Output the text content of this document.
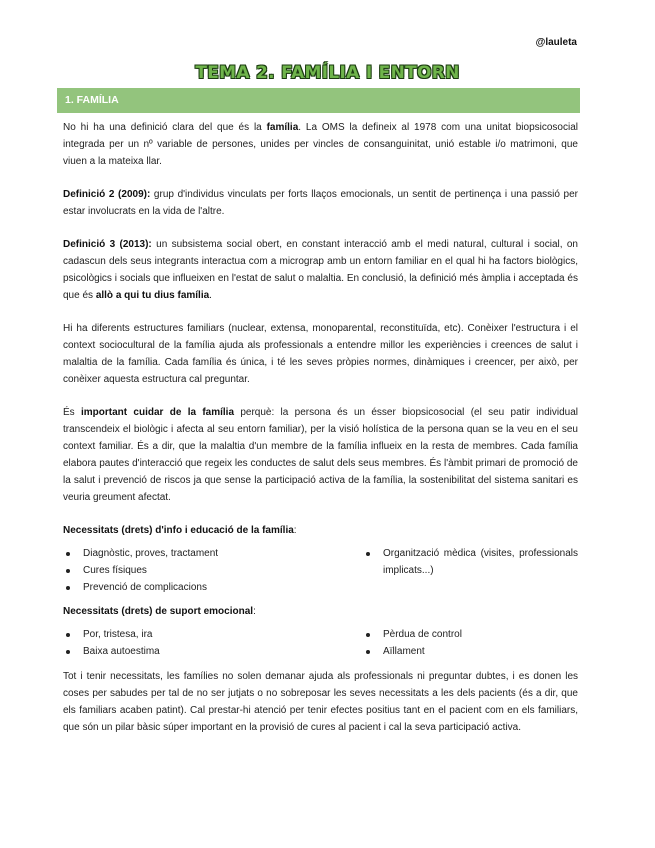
@lauleta
TEMA 2. FAMÍLIA I ENTORN
1. FAMÍLIA

No hi ha una definició clara del que és la família. La OMS la defineix al 1978 com una unitat biopsicosocial integrada per un nº variable de persones, unides per vincles de consanguinitat, unió estable i/o matrimoni, que viuen a la mateixa llar.

Definició 2 (2009): grup d'individus vinculats per forts llaços emocionals, un sentit de pertinença i una passió per estar involucrats en la vida de l'altre.

Definició 3 (2013): un subsistema social obert, en constant interacció amb el medi natural, cultural i social, on cadascun dels seus integrants interactua com a micrograp amb un entorn familiar en el qual hi ha factors biològics, psicològics i socials que influeixen en l'estat de salut o malaltia. En conclusió, la definició més àmplia i acceptada és que és allò a qui tu dius família.

Hi ha diferents estructures familiars (nuclear, extensa, monoparental, reconstituïda, etc). Conèixer l'estructura i el context sociocultural de la família ajuda als professionals a entendre millor les experiències i creences de salut i malaltia de la família. Cada família és única, i té les seves pròpies normes, dinàmiques i creencer, per això, per conèixer aquesta estructura cal preguntar.

És important cuidar de la família perquè: la persona és un ésser biopsicosocial (el seu patir individual transcendeix el biològic i afecta al seu entorn familiar), per la visió holística de la persona quan se la veu en el seu context familiar. És a dir, que la malaltia d'un membre de la família influeix en la resta de membres. Cada família elabora pautes d'interacció que regeix les conductes de salut dels seus membres. És l'àmbit primari de promoció de la salut i prevenció de riscos ja que sense la participació activa de la família, la sostenibilitat del sistema sanitari es veuria greument afectat.

Necessitats (drets) d'info i educació de la família:
Diagnòstic, proves, tractament
Cures físiques
Prevenció de complicacions
Organització mèdica (visites, professionals implicats...)
Necessitats (drets) de suport emocional:
Por, tristesa, ira
Baixa autoestima
Pèrdua de control
Aïllament

Tot i tenir necessitats, les famílies no solen demanar ajuda als professionals ni preguntar dubtes, i es donen les coses per sabudes per tal de no ser jutjats o no sobreposar les seves necessitats a les dels pacients (és a dir, que els familiars acaben patint). Cal prestar-hi atenció per tenir efectes positius tant en el pacient com en els familiars, que són un pilar bàsic súper important en la provisió de cures al pacient i cal la seva participació activa.
